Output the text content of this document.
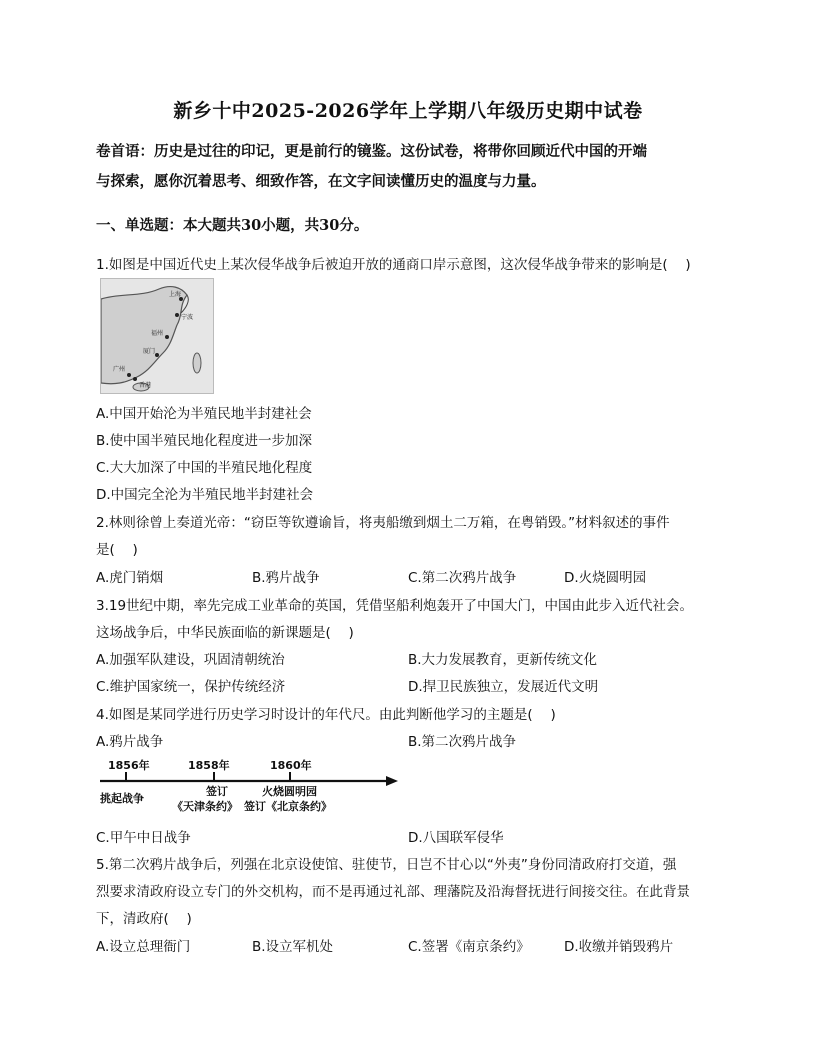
新乡十中2025-2026学年上学期八年级历史期中试卷
卷首语：历史是过往的印记，更是前行的镜鉴。这份试卷，将带你回顾近代中国的开端
与探索，愿你沉着思考、细致作答，在文字间读懂历史的温度与力量。
一、单选题：本大题共30小题，共30分。
1.如图是中国近代史上某次侵华战争后被迫开放的通商口岸示意图，这次侵华战争带来的影响是(　 )
上海
宁波
福州
厦门
广州
香港
A.中国开始沦为半殖民地半封建社会
B.使中国半殖民地化程度进一步加深
C.大大加深了中国的半殖民地化程度
D.中国完全沦为半殖民地半封建社会
2.林则徐曾上奏道光帝：“窃臣等钦遵谕旨，将夷船缴到烟土二万箱，在粤销毁。”材料叙述的事件
是(　 )
A.虎门销烟	B.鸦片战争	C.第二次鸦片战争	D.火烧圆明园
3.19世纪中期，率先完成工业革命的英国，凭借坚船利炮轰开了中国大门，中国由此步入近代社会。
这场战争后，中华民族面临的新课题是(　 )
A.加强军队建设，巩固清朝统治	B.大力发展教育，更新传统文化
C.维护国家统一，保护传统经济	D.捍卫民族独立，发展近代文明
4.如图是某同学进行历史学习时设计的年代尺。由此判断他学习的主题是(　 )
A.鸦片战争	B.第二次鸦片战争
1856年	1858年	1860年
挑起战争
签订
《天津条约》
火烧圆明园
签订《北京条约》
C.甲午中日战争	D.八国联军侵华
5.第二次鸦片战争后，列强在北京设使馆、驻使节，日岂不甘心以“外夷”身份同清政府打交道，强
烈要求清政府设立专门的外交机构，而不是再通过礼部、理藩院及沿海督抚进行间接交往。在此背景
下，清政府(　 )
A.设立总理衙门	B.设立军机处	C.签署《南京条约》	D.收缴并销毁鸦片
